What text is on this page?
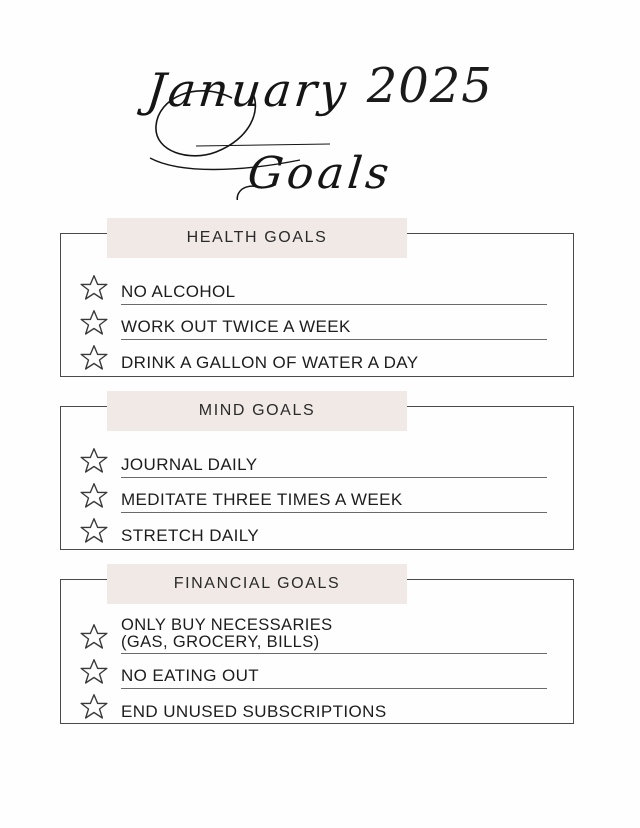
January 2025
Goals
HEALTH GOALS
NO ALCOHOL
WORK OUT TWICE A WEEK
DRINK A GALLON OF WATER A DAY
MIND GOALS
JOURNAL DAILY
MEDITATE THREE TIMES A WEEK
STRETCH DAILY
FINANCIAL GOALS
ONLY BUY NECESSARIES
(GAS, GROCERY, BILLS)
NO EATING OUT
END UNUSED SUBSCRIPTIONS
